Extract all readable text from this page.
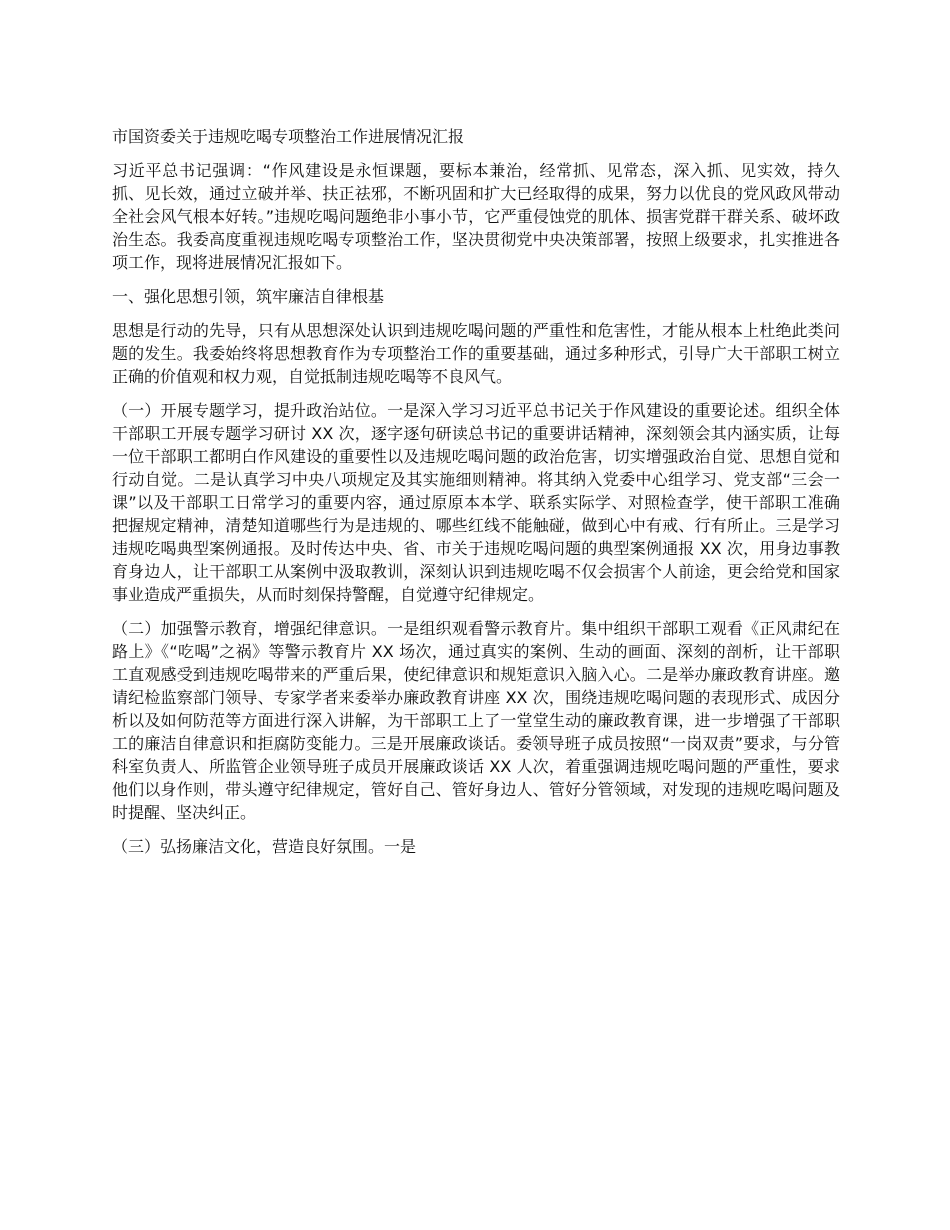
市国资委关于违规吃喝专项整治工作进展情况汇报

习近平总书记强调：“作风建设是永恒课题，要标本兼治，经常抓、见常态，深入抓、见实效，持久抓、见长效，通过立破并举、扶正祛邪，不断巩固和扩大已经取得的成果，努力以优良的党风政风带动全社会风气根本好转。”违规吃喝问题绝非小事小节，它严重侵蚀党的肌体、损害党群干群关系、破坏政治生态。我委高度重视违规吃喝专项整治工作，坚决贯彻党中央决策部署，按照上级要求，扎实推进各项工作，现将进展情况汇报如下。

一、强化思想引领，筑牢廉洁自律根基

思想是行动的先导，只有从思想深处认识到违规吃喝问题的严重性和危害性，才能从根本上杜绝此类问题的发生。我委始终将思想教育作为专项整治工作的重要基础，通过多种形式，引导广大干部职工树立正确的价值观和权力观，自觉抵制违规吃喝等不良风气。

（一）开展专题学习，提升政治站位。一是深入学习习近平总书记关于作风建设的重要论述。组织全体干部职工开展专题学习研讨 XX 次，逐字逐句研读总书记的重要讲话精神，深刻领会其内涵实质，让每一位干部职工都明白作风建设的重要性以及违规吃喝问题的政治危害，切实增强政治自觉、思想自觉和行动自觉。二是认真学习中央八项规定及其实施细则精神。将其纳入党委中心组学习、党支部“三会一课”以及干部职工日常学习的重要内容，通过原原本本学、联系实际学、对照检查学，使干部职工准确把握规定精神，清楚知道哪些行为是违规的、哪些红线不能触碰，做到心中有戒、行有所止。三是学习违规吃喝典型案例通报。及时传达中央、省、市关于违规吃喝问题的典型案例通报 XX 次，用身边事教育身边人，让干部职工从案例中汲取教训，深刻认识到违规吃喝不仅会损害个人前途，更会给党和国家事业造成严重损失，从而时刻保持警醒，自觉遵守纪律规定。

（二）加强警示教育，增强纪律意识。一是组织观看警示教育片。集中组织干部职工观看《正风肃纪在路上》《“吃喝”之祸》等警示教育片 XX 场次，通过真实的案例、生动的画面、深刻的剖析，让干部职工直观感受到违规吃喝带来的严重后果，使纪律意识和规矩意识入脑入心。二是举办廉政教育讲座。邀请纪检监察部门领导、专家学者来委举办廉政教育讲座 XX 次，围绕违规吃喝问题的表现形式、成因分析以及如何防范等方面进行深入讲解，为干部职工上了一堂堂生动的廉政教育课，进一步增强了干部职工的廉洁自律意识和拒腐防变能力。三是开展廉政谈话。委领导班子成员按照“一岗双责”要求，与分管科室负责人、所监管企业领导班子成员开展廉政谈话 XX 人次，着重强调违规吃喝问题的严重性，要求他们以身作则，带头遵守纪律规定，管好自己、管好身边人、管好分管领域，对发现的违规吃喝问题及时提醒、坚决纠正。

（三）弘扬廉洁文化，营造良好氛围。一是
